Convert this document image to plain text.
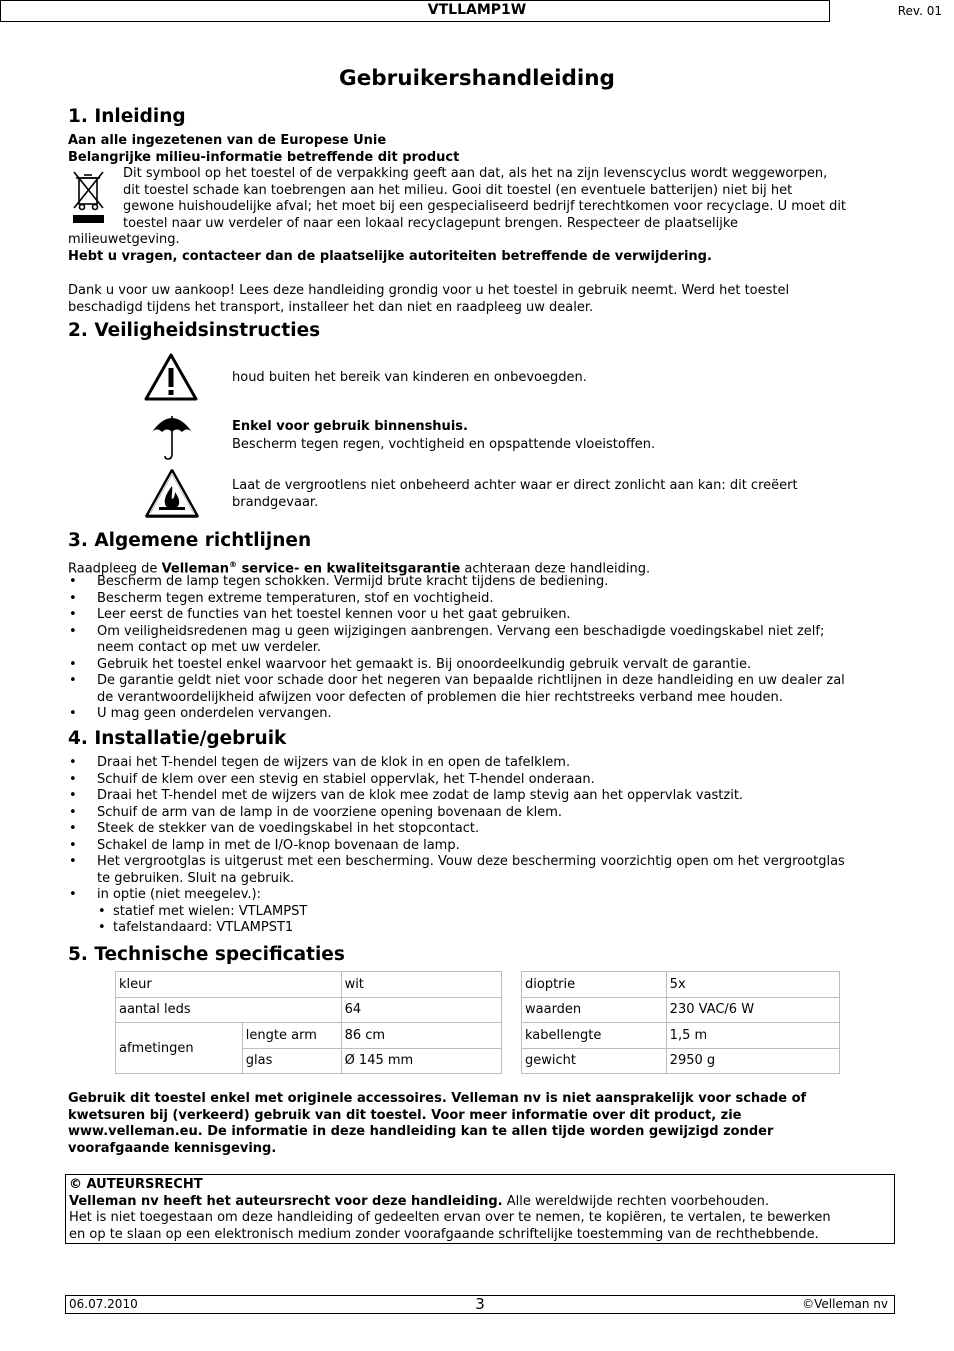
VTLLAMP1W	Rev. 01
Gebruikershandleiding
1. Inleiding
Aan alle ingezetenen van de Europese Unie
Belangrijke milieu-informatie betreffende dit product
Dit symbool op het toestel of de verpakking geeft aan dat, als het na zijn levenscyclus wordt weggeworpen,
dit toestel schade kan toebrengen aan het milieu. Gooi dit toestel (en eventuele batterijen) niet bij het
gewone huishoudelijke afval; het moet bij een gespecialiseerd bedrijf terechtkomen voor recyclage. U moet dit
toestel naar uw verdeler of naar een lokaal recyclagepunt brengen. Respecteer de plaatselijke
milieuwetgeving.
Hebt u vragen, contacteer dan de plaatselijke autoriteiten betreffende de verwijdering.
Dank u voor uw aankoop! Lees deze handleiding grondig voor u het toestel in gebruik neemt. Werd het toestel
beschadigd tijdens het transport, installeer het dan niet en raadpleeg uw dealer.
2. Veiligheidsinstructies
houd buiten het bereik van kinderen en onbevoegden.
Enkel voor gebruik binnenshuis.
Bescherm tegen regen, vochtigheid en opspattende vloeistoffen.
Laat de vergrootlens niet onbeheerd achter waar er direct zonlicht aan kan: dit creëert
brandgevaar.
3. Algemene richtlijnen
Raadpleeg de Velleman® service- en kwaliteitsgarantie achteraan deze handleiding.
• Bescherm de lamp tegen schokken. Vermijd brute kracht tijdens de bediening.
• Bescherm tegen extreme temperaturen, stof en vochtigheid.
• Leer eerst de functies van het toestel kennen voor u het gaat gebruiken.
• Om veiligheidsredenen mag u geen wijzigingen aanbrengen. Vervang een beschadigde voedingskabel niet zelf;
neem contact op met uw verdeler.
• Gebruik het toestel enkel waarvoor het gemaakt is. Bij onoordeelkundig gebruik vervalt de garantie.
• De garantie geldt niet voor schade door het negeren van bepaalde richtlijnen in deze handleiding en uw dealer zal
de verantwoordelijkheid afwijzen voor defecten of problemen die hier rechtstreeks verband mee houden.
• U mag geen onderdelen vervangen.
4. Installatie/gebruik
• Draai het T-hendel tegen de wijzers van de klok in en open de tafelklem.
• Schuif de klem over een stevig en stabiel oppervlak, het T-hendel onderaan.
• Draai het T-hendel met de wijzers van de klok mee zodat de lamp stevig aan het oppervlak vastzit.
• Schuif de arm van de lamp in de voorziene opening bovenaan de klem.
• Steek de stekker van de voedingskabel in het stopcontact.
• Schakel de lamp in met de I/O-knop bovenaan de lamp.
• Het vergrootglas is uitgerust met een bescherming. Vouw deze bescherming voorzichtig open om het vergrootglas
te gebruiken. Sluit na gebruik.
• in optie (niet meegelev.):
• statief met wielen: VTLAMPST
• tafelstandaard: VTLAMPST1
5. Technische specificaties
kleur		wit
aantal leds		64
afmetingen	lengte arm	86 cm
	glas	Ø 145 mm
dioptrie	5x
waarden	230 VAC/6 W
kabellengte	1,5 m
gewicht	2950 g
Gebruik dit toestel enkel met originele accessoires. Velleman nv is niet aansprakelijk voor schade of
kwetsuren bij (verkeerd) gebruik van dit toestel. Voor meer informatie over dit product, zie
www.velleman.eu. De informatie in deze handleiding kan te allen tijde worden gewijzigd zonder
voorafgaande kennisgeving.
© AUTEURSRECHT
Velleman nv heeft het auteursrecht voor deze handleiding. Alle wereldwijde rechten voorbehouden.
Het is niet toegestaan om deze handleiding of gedeelten ervan over te nemen, te kopiëren, te vertalen, te bewerken
en op te slaan op een elektronisch medium zonder voorafgaande schriftelijke toestemming van de rechthebbende.
06.07.2010	3	©Velleman nv
